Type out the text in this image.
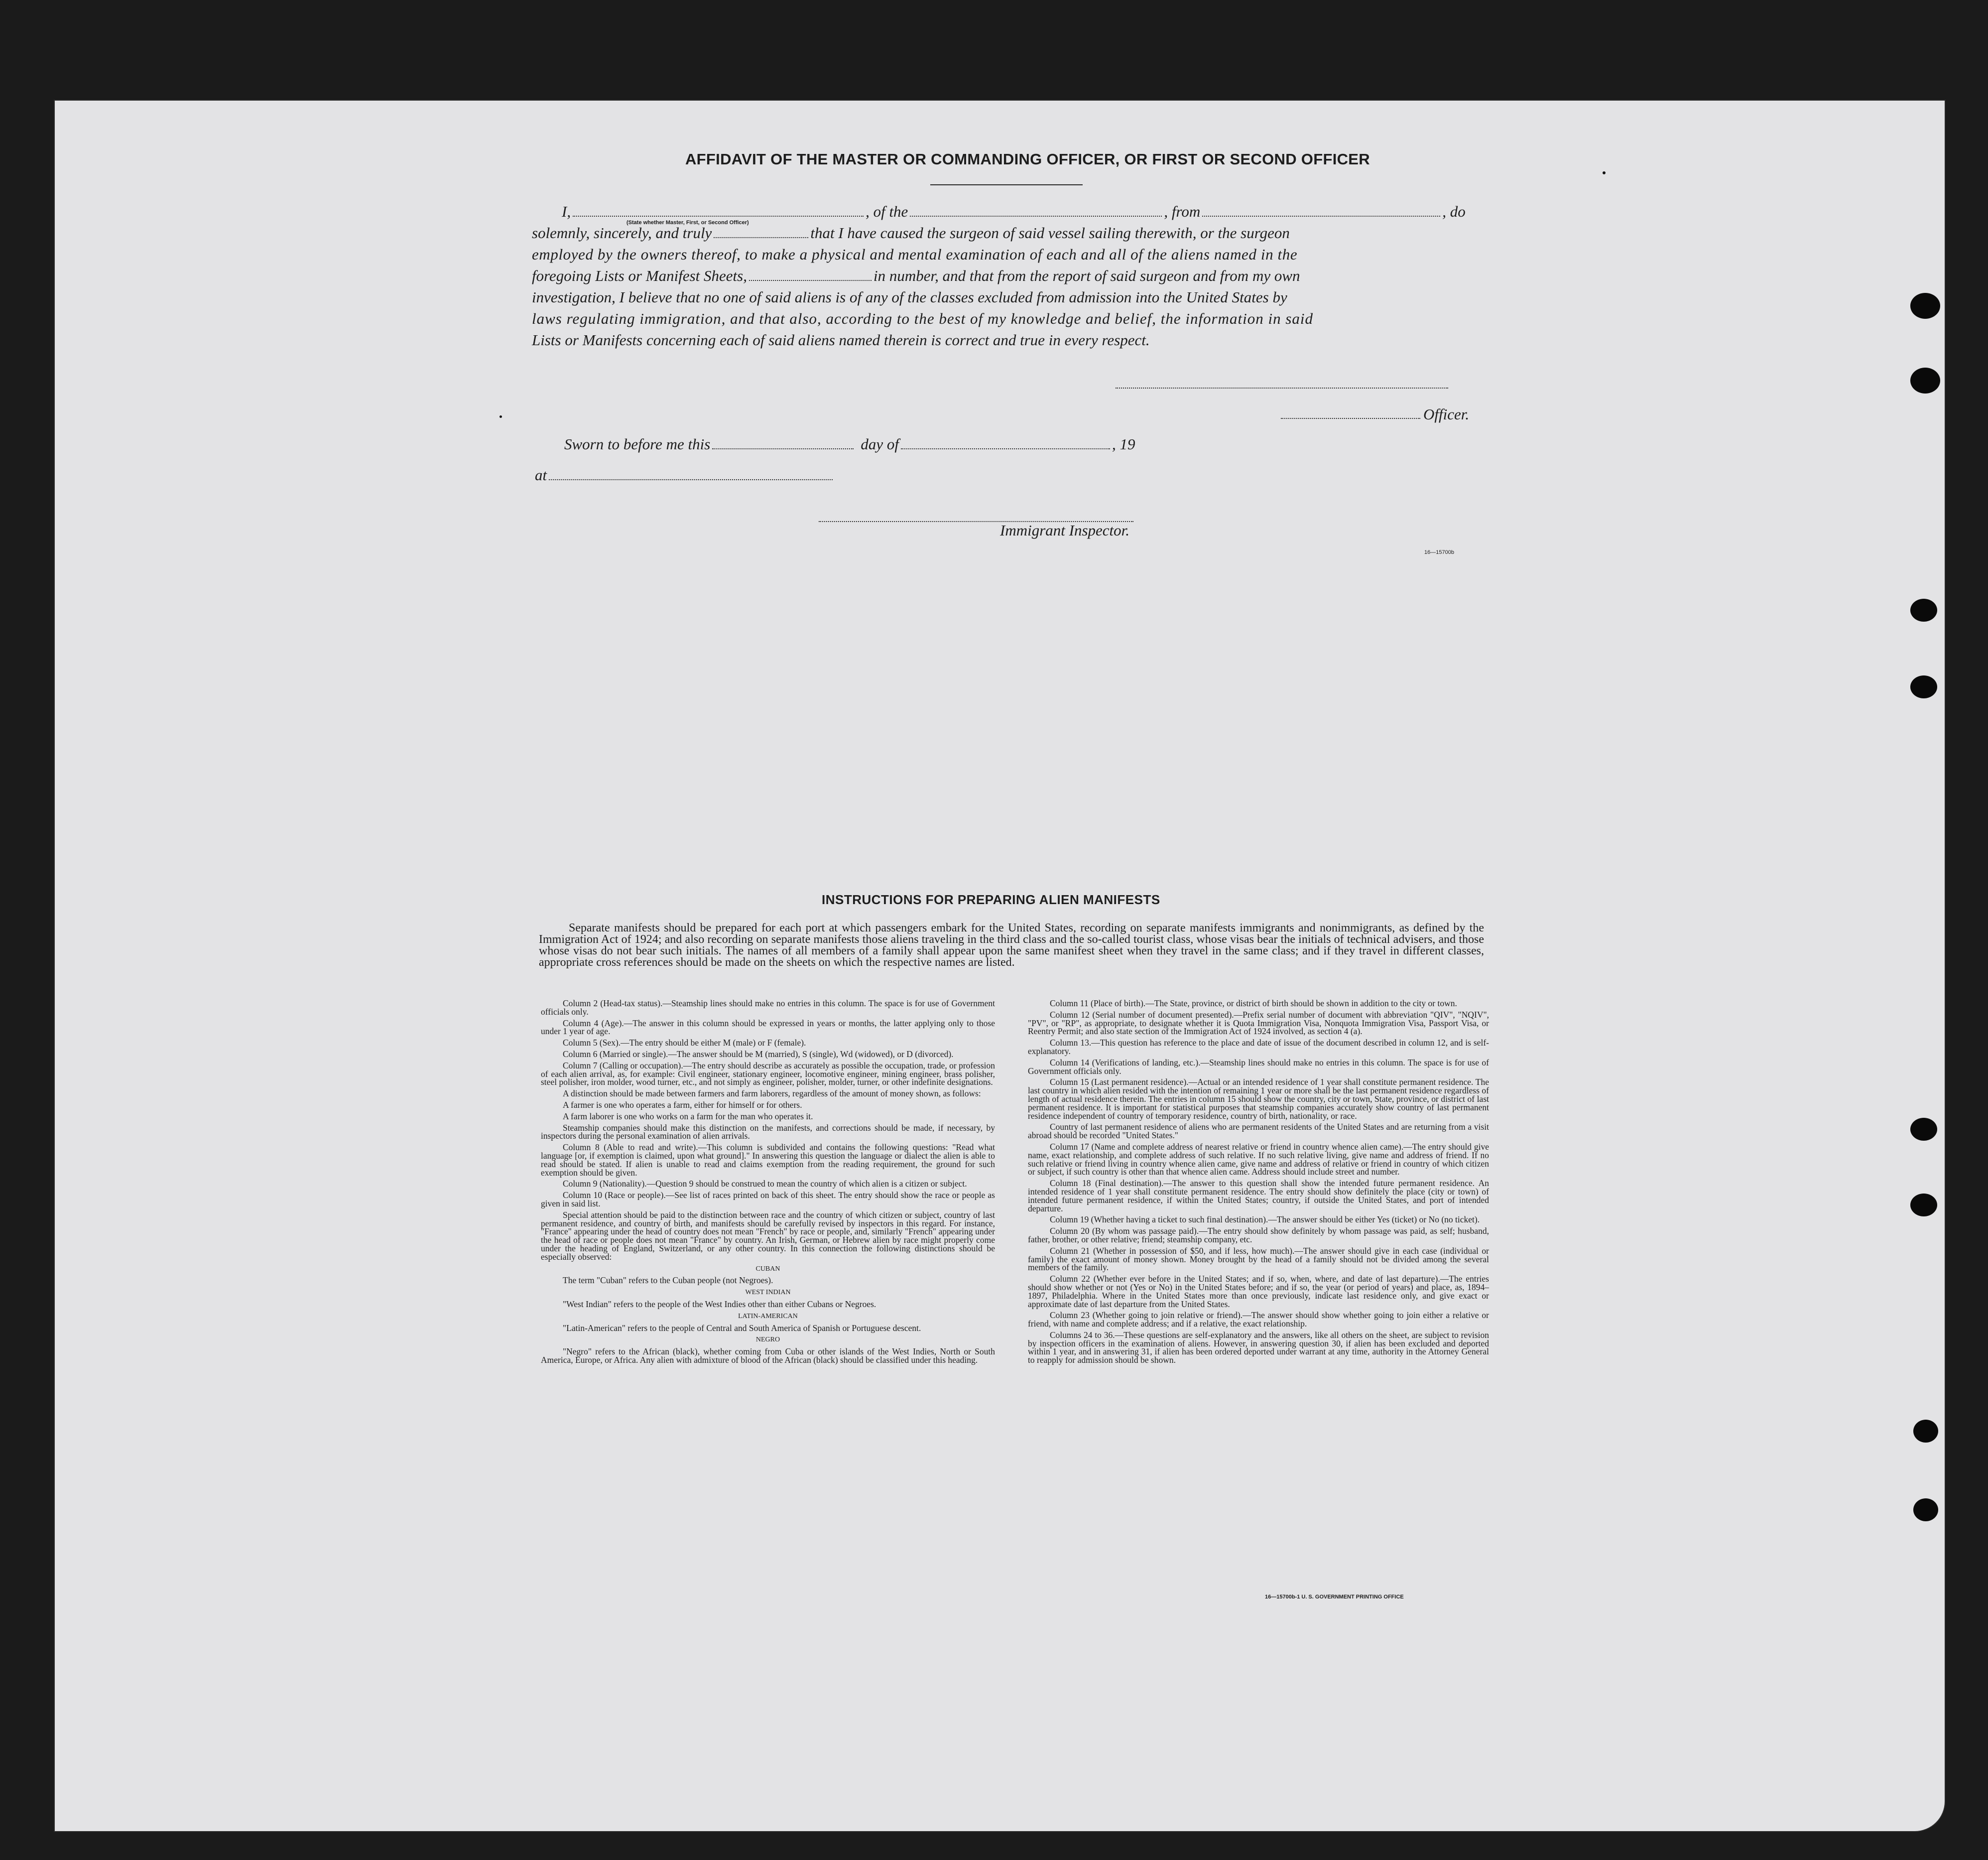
AFFIDAVIT OF THE MASTER OR COMMANDING OFFICER, OR FIRST OR SECOND OFFICER
I,	, of the	, from	, do
(State whether Master, First, or Second Officer)
solemnly, sincerely, and truly	that I have caused the surgeon of said vessel sailing therewith, or the surgeon
employed by the owners thereof, to make a physical and mental examination of each and all of the aliens named in the
foregoing Lists or Manifest Sheets,	in number, and that from the report of said surgeon and from my own
investigation, I believe that no one of said aliens is of any of the classes excluded from admission into the United States by
laws regulating immigration, and that also, according to the best of my knowledge and belief, the information in said
Lists or Manifests concerning each of said aliens named therein is correct and true in every respect.
Officer.
Sworn to before me this	day of	, 19
at
Immigrant Inspector.
16—15700b
INSTRUCTIONS FOR PREPARING ALIEN MANIFESTS

Separate manifests should be prepared for each port at which passengers embark for the United States, recording on separate manifests immigrants and nonimmigrants, as defined by the Immigration Act of 1924; and also recording on separate manifests those aliens traveling in the third class and the so-called tourist class, whose visas bear the initials of technical advisers, and those whose visas do not bear such initials. The names of all members of a family shall appear upon the same manifest sheet when they travel in the same class; and if they travel in different classes, appropriate cross references should be made on the sheets on which the respective names are listed.

Column 2 (Head-tax status).—Steamship lines should make no entries in this column. The space is for use of Government officials only.

Column 4 (Age).—The answer in this column should be expressed in years or months, the latter applying only to those under 1 year of age.

Column 5 (Sex).—The entry should be either M (male) or F (female).

Column 6 (Married or single).—The answer should be M (married), S (single), Wd (widowed), or D (divorced).

Column 7 (Calling or occupation).—The entry should describe as accurately as possible the occupation, trade, or profession of each alien arrival, as, for example: Civil engineer, stationary engineer, locomotive engineer, mining engineer, brass polisher, steel polisher, iron molder, wood turner, etc., and not simply as engineer, polisher, molder, turner, or other indefinite designations.

A distinction should be made between farmers and farm laborers, regardless of the amount of money shown, as follows:

A farmer is one who operates a farm, either for himself or for others.

A farm laborer is one who works on a farm for the man who operates it.

Steamship companies should make this distinction on the manifests, and corrections should be made, if necessary, by inspectors during the personal examination of alien arrivals.

Column 8 (Able to read and write).—This column is subdivided and contains the following questions: "Read what language [or, if exemption is claimed, upon what ground]." In answering this question the language or dialect the alien is able to read should be stated. If alien is unable to read and claims exemption from the reading requirement, the ground for such exemption should be given.

Column 9 (Nationality).—Question 9 should be construed to mean the country of which alien is a citizen or subject.

Column 10 (Race or people).—See list of races printed on back of this sheet. The entry should show the race or people as given in said list.

Special attention should be paid to the distinction between race and the country of which citizen or subject, country of last permanent residence, and country of birth, and manifests should be carefully revised by inspectors in this regard. For instance, "France" appearing under the head of country does not mean "French" by race or people, and, similarly "French" appearing under the head of race or people does not mean "France" by country. An Irish, German, or Hebrew alien by race might properly come under the heading of England, Switzerland, or any other country. In this connection the following distinctions should be especially observed:

CUBAN

The term "Cuban" refers to the Cuban people (not Negroes).

WEST INDIAN

"West Indian" refers to the people of the West Indies other than either Cubans or Negroes.

LATIN-AMERICAN

"Latin-American" refers to the people of Central and South America of Spanish or Portuguese descent.

NEGRO

"Negro" refers to the African (black), whether coming from Cuba or other islands of the West Indies, North or South America, Europe, or Africa. Any alien with admixture of blood of the African (black) should be classified under this heading.

Column 11 (Place of birth).—The State, province, or district of birth should be shown in addition to the city or town.

Column 12 (Serial number of document presented).—Prefix serial number of document with abbreviation "QIV", "NQIV", "PV", or "RP", as appropriate, to designate whether it is Quota Immigration Visa, Nonquota Immigration Visa, Passport Visa, or Reentry Permit; and also state section of the Immigration Act of 1924 involved, as section 4 (a).

Column 13.—This question has reference to the place and date of issue of the document described in column 12, and is self-explanatory.

Column 14 (Verifications of landing, etc.).—Steamship lines should make no entries in this column. The space is for use of Government officials only.

Column 15 (Last permanent residence).—Actual or an intended residence of 1 year shall constitute permanent residence. The last country in which alien resided with the intention of remaining 1 year or more shall be the last permanent residence regardless of length of actual residence therein. The entries in column 15 should show the country, city or town, State, province, or district of last permanent residence. It is important for statistical purposes that steamship companies accurately show country of last permanent residence independent of country of temporary residence, country of birth, nationality, or race.

Country of last permanent residence of aliens who are permanent residents of the United States and are returning from a visit abroad should be recorded "United States."

Column 17 (Name and complete address of nearest relative or friend in country whence alien came).—The entry should give name, exact relationship, and complete address of such relative. If no such relative living, give name and address of friend. If no such relative or friend living in country whence alien came, give name and address of relative or friend in country of which citizen or subject, if such country is other than that whence alien came. Address should include street and number.

Column 18 (Final destination).—The answer to this question shall show the intended future permanent residence. An intended residence of 1 year shall constitute permanent residence. The entry should show definitely the place (city or town) of intended future permanent residence, if within the United States; country, if outside the United States, and port of intended departure.

Column 19 (Whether having a ticket to such final destination).—The answer should be either Yes (ticket) or No (no ticket).

Column 20 (By whom was passage paid).—The entry should show definitely by whom passage was paid, as self; husband, father, brother, or other relative; friend; steamship company, etc.

Column 21 (Whether in possession of $50, and if less, how much).—The answer should give in each case (individual or family) the exact amount of money shown. Money brought by the head of a family should not be divided among the several members of the family.

Column 22 (Whether ever before in the United States; and if so, when, where, and date of last departure).—The entries should show whether or not (Yes or No) in the United States before; and if so, the year (or period of years) and place, as, 1894–1897, Philadelphia. Where in the United States more than once previously, indicate last residence only, and give exact or approximate date of last departure from the United States.

Column 23 (Whether going to join relative or friend).—The answer should show whether going to join either a relative or friend, with name and complete address; and if a relative, the exact relationship.

Columns 24 to 36.—These questions are self-explanatory and the answers, like all others on the sheet, are subject to revision by inspection officers in the examination of aliens. However, in answering question 30, if alien has been excluded and deported within 1 year, and in answering 31, if alien has been ordered deported under warrant at any time, authority in the Attorney General to reapply for admission should be shown.

16—15700b-1 U. S. GOVERNMENT PRINTING OFFICE
